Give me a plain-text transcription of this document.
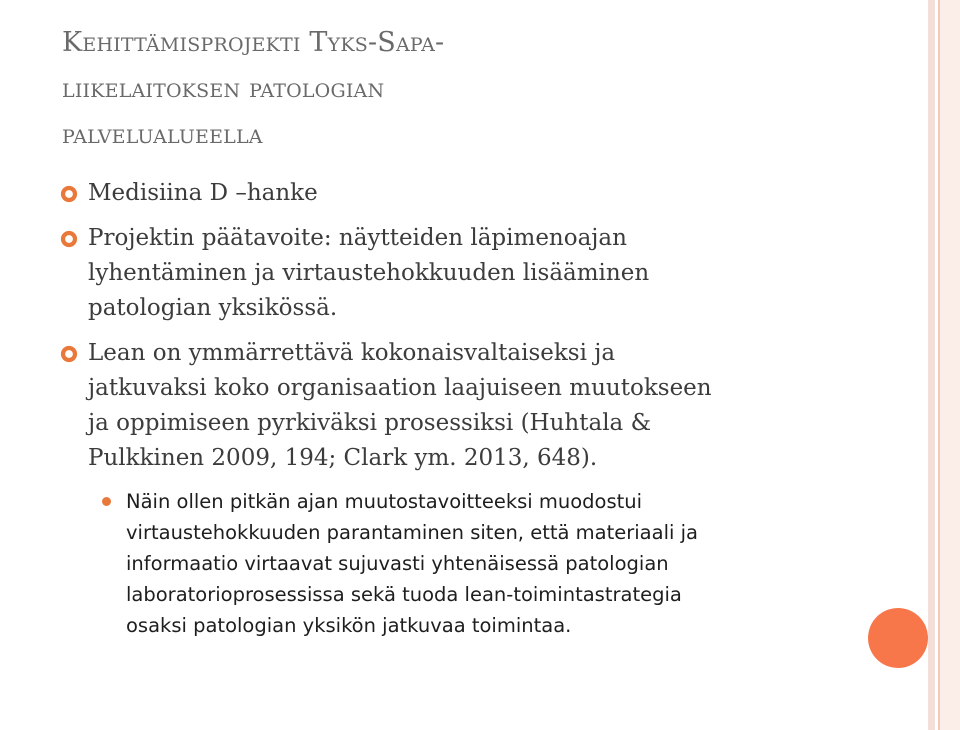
Kehittämisprojekti Tyks-Sapa-
liikelaitoksen patologian
palvelualueella
Medisiina D –hanke
Projektin päätavoite: näytteiden läpimenoajan
lyhentäminen ja virtaustehokkuuden lisääminen
patologian yksikössä.
Lean on ymmärrettävä kokonaisvaltaiseksi ja
jatkuvaksi koko organisaation laajuiseen muutokseen
ja oppimiseen pyrkiväksi prosessiksi (Huhtala &
Pulkkinen 2009, 194; Clark ym. 2013, 648).
Näin ollen pitkän ajan muutostavoitteeksi muodostui
virtaustehokkuuden parantaminen siten, että materiaali ja
informaatio virtaavat sujuvasti yhtenäisessä patologian
laboratorioprosessissa sekä tuoda lean-toimintastrategia
osaksi patologian yksikön jatkuvaa toimintaa.
